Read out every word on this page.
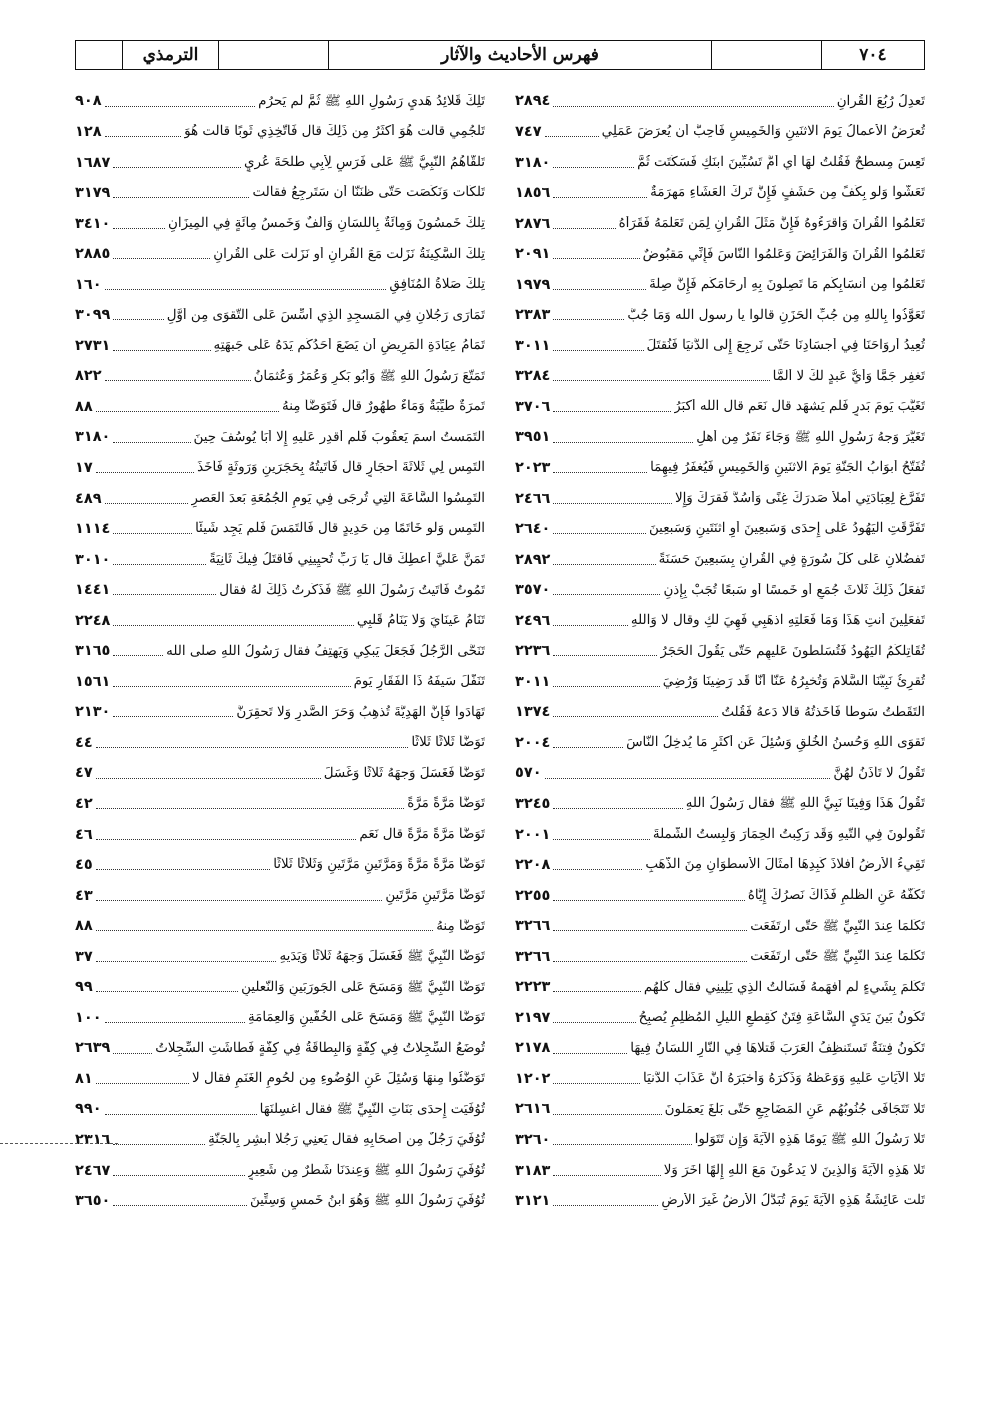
٧٠٤
فهرس الأحاديث والآثار
الترمذي
تَعدِلُ رُبُعَ القُرآنِ
٢٨٩٤
تُعرَضُ الأَعمالُ يَومَ الاثنَينِ وَالخَمِيسِ فَأُحِبُّ أَن يُعرَضَ عَمَلِي
٧٤٧
تَعِسَ مِسطَحٌ فَقُلتُ لَهَا أَي أُمَّ تَسُبِّينَ ابنَكِ فَسَكَتَت ثُمَّ
٣١٨٠
تَعَشَّوا وَلَو بِكَفٍّ مِن حَشَفٍ فَإِنَّ تَركَ العَشَاءِ مَهرَمَةٌ
١٨٥٦
تَعَلَّمُوا القُرآنَ وَاقرَءُوهُ فَإِنَّ مَثَلَ القُرآنِ لِمَن تَعَلَّمَهُ فَقَرَأَهُ
٢٨٧٦
تَعَلَّمُوا القُرآنَ وَالفَرَائِضَ وَعَلِّمُوا النَّاسَ فَإِنِّي مَقبُوضٌ
٢٠٩١
تَعَلَّمُوا مِن أَنسَابِكُم مَا تَصِلُونَ بِهِ أَرحَامَكُم فَإِنَّ صِلَةَ
١٩٧٩
تَعَوَّذُوا بِاللهِ مِن جُبِّ الحَزَنِ قالوا يا رسول الله وَمَا جُبُّ
٢٣٨٣
تُعِيدُ أَروَاحَنَا فِي أَجسَادِنَا حَتَّى نَرجِعَ إِلَى الدُّنيَا فَنُقتَلَ
٣٠١١
تَغفِر جَمًّا وَأَيُّ عَبدٍ لَكَ لَا أَلَمَّا
٣٢٨٤
تَغَيَّبَ يَومَ بَدرٍ فَلَم يَشهَد قال نَعَم قال الله أَكبَرُ
٣٧٠٦
تَغَيَّرَ وَجهُ رَسُولِ اللهِ ﷺ وَجَاءَ نَفَرٌ مِن أَهلِ
٣٩٥١
تُفَتَّحُ أَبوَابُ الجَنَّةِ يَومَ الاثنَينِ وَالخَمِيسِ فَيُغفَرُ فِيهِمَا
٢٠٢٣
تَفَرَّغ لِعِبَادَتِي أَملأ صَدرَكَ غِنًى وَأَسُدَّ فَقرَكَ وَإِلَّا
٢٤٦٦
تَفَرَّقَتِ اليَهُودُ عَلَى إِحدَى وَسَبعِينَ أَوِ اثنَتَينِ وَسَبعِينَ
٢٦٤٠
تَفضُلانِ عَلَى كُلِّ سُورَةٍ فِي القُرآنِ بِسَبعِينَ حَسَنَةً
٢٨٩٢
تَفعَلُ ذَلِكَ ثَلَاثَ جُمَعٍ أَو خَمسًا أَو سَبعًا تُجَبْ بِإِذنِ
٣٥٧٠
تَفعَلِينَ أَنتِ هَذَا وَمَا فَعَلتِهِ اذهَبِي فَهِيَ لَكِ وقال لَا وَاللهِ
٢٤٩٦
تُقَاتِلُكُمُ اليَهُودُ فَتُسَلَّطُونَ عَلَيهِم حَتَّى يَقُولَ الحَجَرُ
٢٢٣٦
تُقرِئُ نَبِيَّنَا السَّلَامَ وَتُخبِرُهُ عَنَّا أَنَّا قَد رَضِينَا وَرُضِيَ
٣٠١١
التَقَطتُ سَوطًا فَأَخَذتُهُ قالا دَعهُ فَقُلتُ
١٣٧٤
تَقوَى اللهِ وَحُسنُ الخُلُقِ وَسُئِلَ عَن أَكثَرِ مَا يُدخِلُ النَّاسَ
٢٠٠٤
تَقُولُ لَا تَأذَنُ لَهُنَّ
٥٧٠
تَقُولُ هَذَا وَفِينَا نَبِيُّ اللهِ ﷺ فقال رَسُولُ اللهِ
٣٢٤٥
تَقُولُونَ فِي التَّيهِ وَقَد رَكِبتُ الحِمَارَ وَلَبِستُ الشَّملَةَ
٢٠٠١
تَقِيءُ الأَرضُ أَفلَاذَ كَبِدِهَا أَمثَالَ الأُسطُوَانِ مِنَ الذَّهَبِ
٢٢٠٨
تَكُفُّهُ عَنِ الظُّلمِ فَذَاكَ نَصرُكَ إِيَّاهُ
٢٢٥٥
تَكَلَّمَا عِندَ النَّبِيِّ ﷺ حَتَّى ارتَفَعَت
٣٢٦٦
تَكَلَّمَا عِندَ النَّبِيِّ ﷺ حَتَّى ارتَفَعَت
٣٢٦٦
تَكَلَّمَ بِشَيءٍ لَم أَفهَمهُ فَسَأَلتُ الَّذِي يَلِينِي فقال كُلُّهُم
٢٢٢٣
تَكُونُ بَينَ يَدَيِ السَّاعَةِ فِتَنٌ كَقِطَعِ اللَّيلِ المُظلِمِ يُصبِحُ
٢١٩٧
تَكُونُ فِتنَةٌ تَستَنظِفُ العَرَبَ قَتلَاهَا فِي النَّارِ اللِّسَانُ فِيهَا
٢١٧٨
تَلَا الآيَاتِ عَلَيهِ وَوَعَظَهُ وَذَكَّرَهُ وَأَخبَرَهُ أَنَّ عَذَابَ الدُّنيَا
١٢٠٢
تَلَا تَتَجَافَى جُنُوبُهُم عَنِ المَضَاجِعِ حَتَّى بَلَغَ يَعمَلُونَ
٢٦١٦
تَلَا رَسُولُ اللهِ ﷺ يَومًا هَذِهِ الآيَةَ وَإِن تَتَوَلَّوا
٣٢٦٠
تَلَا هَذِهِ الآيَةَ وَالَّذِينَ لَا يَدعُونَ مَعَ اللهِ إِلَهًا آخَرَ وَلَا
٣١٨٣
تَلَت عَائِشَةُ هَذِهِ الآيَةَ يَومَ تُبَدَّلُ الأَرضُ غَيرَ الأَرضِ
٣١٢١
تَلِكَ قَلَائِدُ هَديِ رَسُولِ اللهِ ﷺ ثُمَّ لَم يَحرُم
٩٠٨
تَلجُمِي قالت هُوَ أَكثَرُ مِن ذَلِكَ قال فَاتَّخِذِي ثَوبًا قالت هُوَ
١٢٨
تَلَقَّاهُمُ النَّبِيُّ ﷺ عَلَى فَرَسٍ لِأَبِي طَلحَةَ عُريٍ
١٦٨٧
تَلَكَّأَت وَنَكَصَت حَتَّى ظَنَنَّا أَن سَتَرجِعُ فقالت
٣١٧٩
تِلكَ خَمسُونَ وَمِائَةٌ بِاللِّسَانِ وَأَلفٌ وَخَمسُ مِائَةٍ فِي المِيزَانِ
٣٤١٠
تِلكَ السَّكِينَةُ نَزَلَت مَعَ القُرآنِ أَو نَزَلَت عَلَى القُرآنِ
٢٨٨٥
تِلكَ صَلَاةُ المُنَافِقِ
١٦٠
تَمَارَى رَجُلَانِ فِي المَسجِدِ الَّذِي أُسِّسَ عَلَى التَّقوَى مِن أَوَّلِ
٣٠٩٩
تَمَامُ عِيَادَةِ المَرِيضِ أَن يَضَعَ أَحَدُكُم يَدَهُ عَلَى جَبهَتِهِ
٢٧٣١
تَمَتَّعَ رَسُولُ اللهِ ﷺ وَأَبُو بَكرٍ وَعُمَرُ وَعُثمَانُ
٨٢٢
تَمرَةٌ طَيِّبَةٌ وَمَاءٌ طَهُورٌ قال فَتَوَضَّأَ مِنهُ
٨٨
التَمَستُ اسمَ يَعقُوبَ فَلَم أَقدِر عَلَيهِ إِلَّا أَبَا يُوسُفَ حِينَ
٣١٨٠
التَمِس لِي ثَلَاثَةَ أَحجَارٍ قال فَأَتَيتُهُ بِحَجَرَينِ وَرَوثَةٍ فَأَخَذَ
١٧
التَمِسُوا السَّاعَةَ الَّتِي تُرجَى فِي يَومِ الجُمُعَةِ بَعدَ العَصرِ
٤٨٩
التَمِس وَلَو خَاتَمًا مِن حَدِيدٍ قال فَالتَمَسَ فَلَم يَجِد شَيئًا
١١١٤
تَمَنَّ عَلَيَّ أُعطِكَ قال يَا رَبِّ تُحيِينِي فَأُقتَلُ فِيكَ ثَانِيَةً
٣٠١٠
تَمُوتُ فَأَتَيتُ رَسُولَ اللهِ ﷺ فَذَكَرتُ ذَلِكَ لَهُ فقال
١٤٤١
تَنَامُ عَينَايَ وَلَا يَنَامُ قَلبِي
٢٢٤٨
تَنَحَّى الرَّجُلُ فَجَعَلَ يَبكِي وَيَهتِفُ فقال رَسُولُ اللهِ صلى الله
٣١٦٥
تَنَفَّلَ سَيفَهُ ذَا الفَقَارِ يَومَ
١٥٦١
تَهَادَوا فَإِنَّ الهَدِيَّةَ تُذهِبُ وَحَرَ الصَّدرِ وَلَا تَحقِرَنَّ
٢١٣٠
تَوَضَّأَ ثَلَاثًا ثَلَاثًا
٤٤
تَوَضَّأَ فَغَسَلَ وَجهَهُ ثَلَاثًا وَغَسَلَ
٤٧
تَوَضَّأَ مَرَّةً مَرَّةً
٤٢
تَوَضَّأَ مَرَّةً مَرَّةً قال نَعَم
٤٦
تَوَضَّأَ مَرَّةً مَرَّةً وَمَرَّتَينِ مَرَّتَينِ وَثَلَاثًا ثَلَاثًا
٤٥
تَوَضَّأَ مَرَّتَينِ مَرَّتَينِ
٤٣
تَوَضَّأ مِنهُ
٨٨
تَوَضَّأَ النَّبِيُّ ﷺ فَغَسَلَ وَجهَهُ ثَلَاثًا وَيَدَيهِ
٣٧
تَوَضَّأَ النَّبِيُّ ﷺ وَمَسَحَ عَلَى الجَورَبَينِ وَالنَّعلَينِ
٩٩
تَوَضَّأَ النَّبِيُّ ﷺ وَمَسَحَ عَلَى الخُفَّينِ وَالعِمَامَةِ
١٠٠
تُوضَعُ السِّجِلَّاتُ فِي كِفَّةٍ وَالبِطَاقَةُ فِي كِفَّةٍ فَطَاشَتِ السِّجِلَّاتُ
٢٦٣٩
تَوَضَّئُوا مِنهَا وَسُئِلَ عَنِ الوُضُوءِ مِن لُحُومِ الغَنَمِ فقال لَا
٨١
تُوُفِّيَت إِحدَى بَنَاتِ النَّبِيِّ ﷺ فقال اغسِلنَهَا
٩٩٠
تُوُفِّيَ رَجُلٌ مِن أَصحَابِهِ فقال يَعنِي رَجُلًا أَبشِر بِالجَنَّةِ
٢٣١٦
تُوُفِّيَ رَسُولُ اللهِ ﷺ وَعِندَنَا شَطرٌ مِن شَعِيرٍ
٢٤٦٧
تُوُفِّيَ رَسُولُ اللهِ ﷺ وَهُوَ ابنُ خَمسٍ وَسِتِّينَ
٣٦٥٠
